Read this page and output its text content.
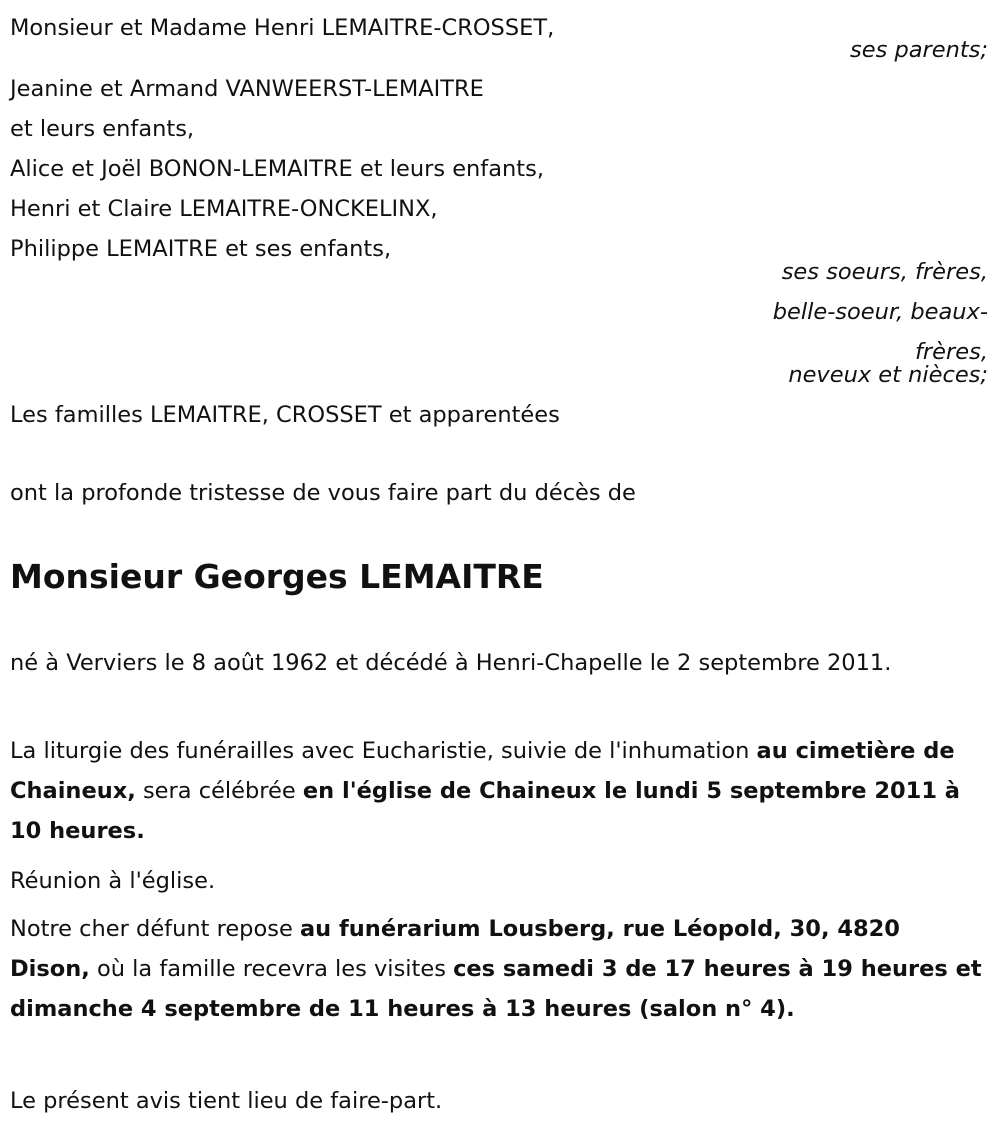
Monsieur et Madame Henri LEMAITRE-CROSSET,
ses parents;
Jeanine et Armand VANWEERST-LEMAITRE
et leurs enfants,
Alice et Joël BONON-LEMAITRE et leurs enfants,
Henri et Claire LEMAITRE-ONCKELINX,
Philippe LEMAITRE et ses enfants,
ses soeurs, frères,
belle-soeur, beaux-
frères,
neveux et nièces;
Les familles LEMAITRE, CROSSET et apparentées
ont la profonde tristesse de vous faire part du décès de
Monsieur Georges LEMAITRE
né à Verviers le 8 août 1962 et décédé à Henri-Chapelle le 2 septembre 2011.
La liturgie des funérailles avec Eucharistie, suivie de l'inhumation au cimetière de Chaineux, sera célébrée en l'église de Chaineux le lundi 5 septembre 2011 à 10 heures.
Réunion à l'église.
Notre cher défunt repose au funérarium Lousberg, rue Léopold, 30, 4820 Dison, où la famille recevra les visites ces samedi 3 de 17 heures à 19 heures et dimanche 4 septembre de 11 heures à 13 heures (salon n° 4).
Le présent avis tient lieu de faire-part.
